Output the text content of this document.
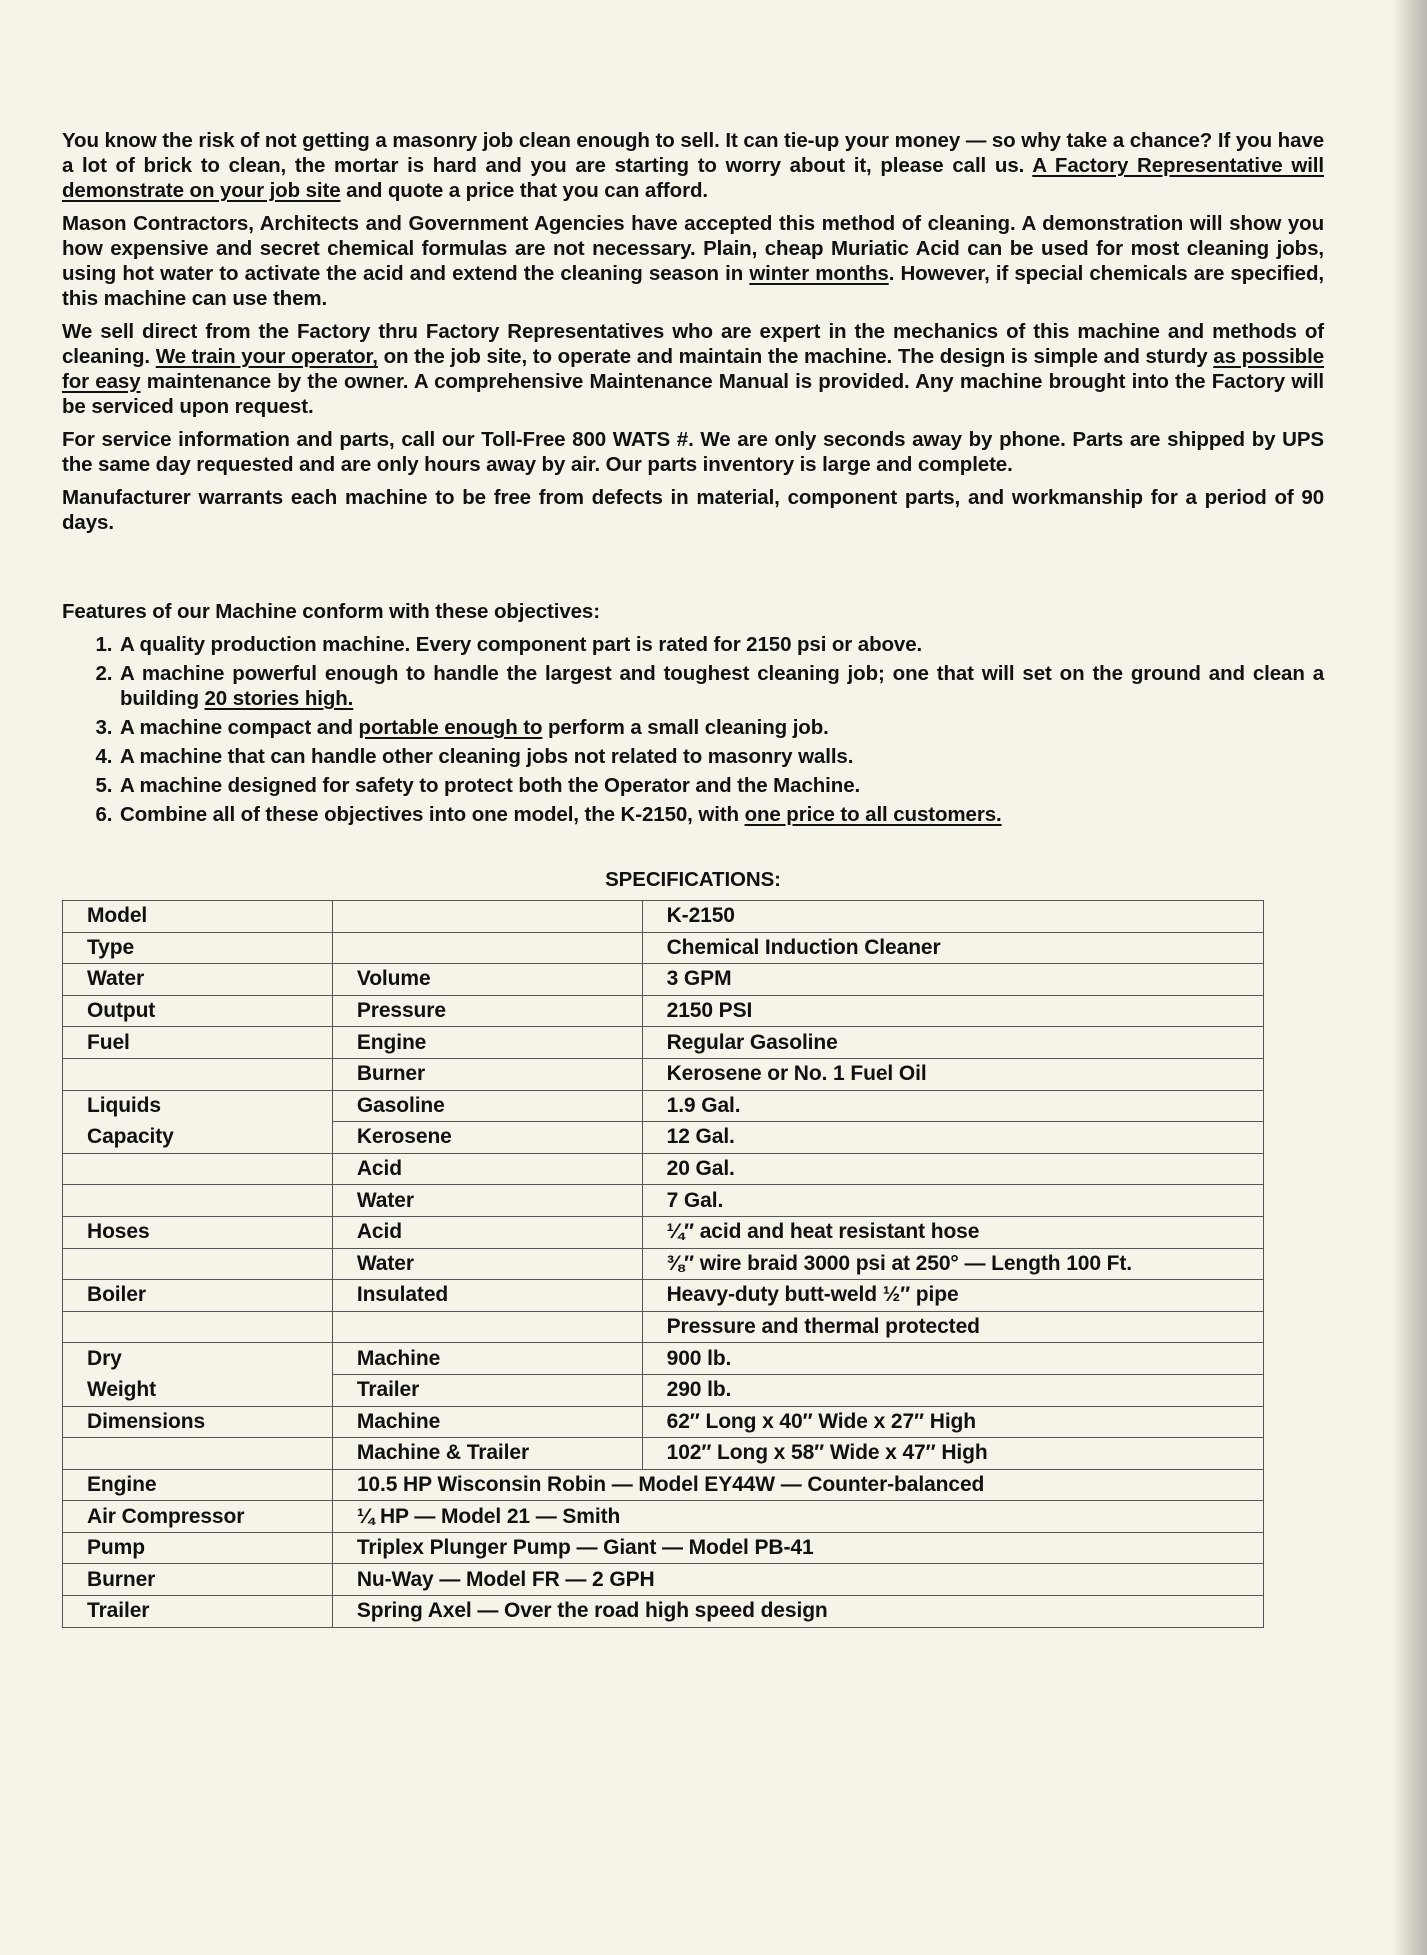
You know the risk of not getting a masonry job clean enough to sell. It can tie-up your money — so why take a chance? If you have a lot of brick to clean, the mortar is hard and you are starting to worry about it, please call us. A Factory Representative will demonstrate on your job site and quote a price that you can afford.

Mason Contractors, Architects and Government Agencies have accepted this method of cleaning. A demonstration will show you how expensive and secret chemical formulas are not necessary. Plain, cheap Muriatic Acid can be used for most cleaning jobs, using hot water to activate the acid and extend the cleaning season in winter months. However, if special chemicals are specified, this machine can use them.

We sell direct from the Factory thru Factory Representatives who are expert in the mechanics of this machine and methods of cleaning. We train your operator, on the job site, to operate and maintain the machine. The design is simple and sturdy as possible for easy maintenance by the owner. A comprehensive Maintenance Manual is provided. Any machine brought into the Factory will be serviced upon request.

For service information and parts, call our Toll-Free 800 WATS #. We are only seconds away by phone. Parts are shipped by UPS the same day requested and are only hours away by air. Our parts inventory is large and complete.

Manufacturer warrants each machine to be free from defects in material, component parts, and workmanship for a period of 90 days.

Features of our Machine conform with these objectives:

1. A quality production machine. Every component part is rated for 2150 psi or above.
2. A machine powerful enough to handle the largest and toughest cleaning job; one that will set on the ground and clean a building 20 stories high.
3. A machine compact and portable enough to perform a small cleaning job.
4. A machine that can handle other cleaning jobs not related to masonry walls.
5. A machine designed for safety to protect both the Operator and the Machine.
6. Combine all of these objectives into one model, the K-2150, with one price to all customers.
SPECIFICATIONS:
Model		K-2150
Type		Chemical Induction Cleaner
Water	Volume	3 GPM
Output	Pressure	2150 PSI
Fuel	Engine	Regular Gasoline
	Burner	Kerosene or No. 1 Fuel Oil
Liquids	Gasoline	1.9 Gal.
Capacity	Kerosene	12 Gal.
	Acid	20 Gal.
	Water	7 Gal.
Hoses	Acid	¼″ acid and heat resistant hose
	Water	⅜″ wire braid 3000 psi at 250° — Length 100 Ft.
Boiler	Insulated	Heavy-duty butt-weld ½″ pipe
		Pressure and thermal protected
Dry	Machine	900 lb.
Weight	Trailer	290 lb.
Dimensions	Machine	62″ Long x 40″ Wide x 27″ High
	Machine & Trailer	102″ Long x 58″ Wide x 47″ High
Engine	10.5 HP Wisconsin Robin — Model EY44W — Counter-balanced	
Air Compressor	¼ HP — Model 21 — Smith	
Pump	Triplex Plunger Pump — Giant — Model PB-41	
Burner	Nu-Way — Model FR — 2 GPH	
Trailer	Spring Axel — Over the road high speed design	
